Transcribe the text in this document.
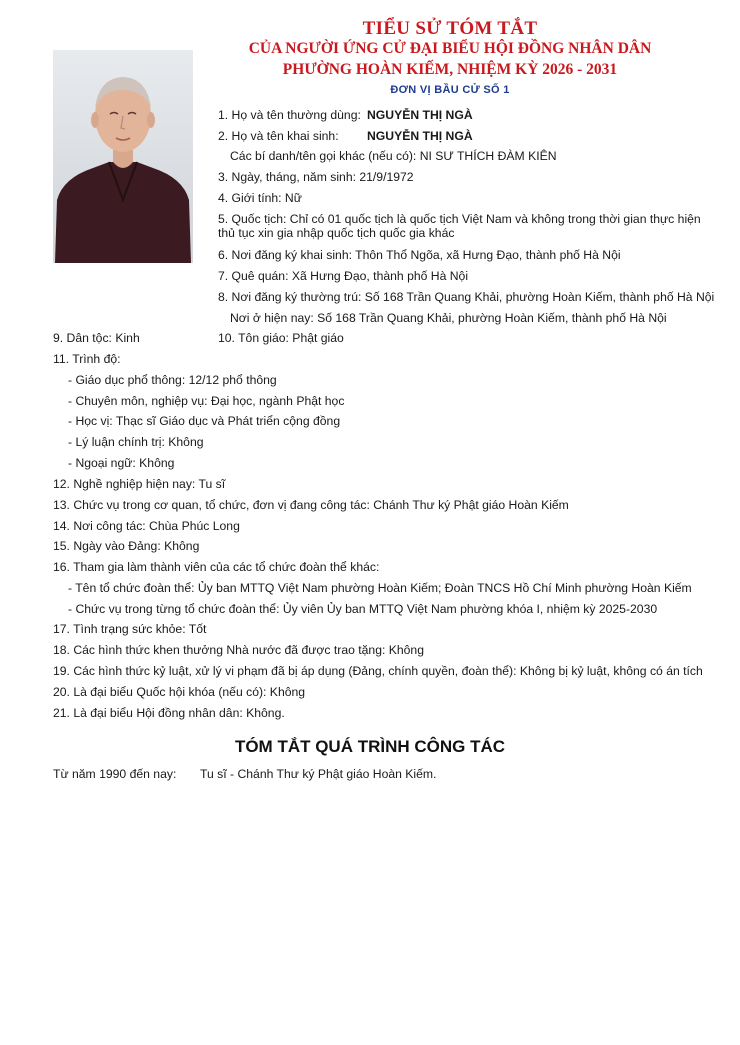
TIỂU SỬ TÓM TẮT
CỦA NGƯỜI ỨNG CỬ ĐẠI BIỂU HỘI ĐỒNG NHÂN DÂN
PHƯỜNG HOÀN KIẾM, NHIỆM KỲ 2026 - 2031
ĐƠN VỊ BẦU CỬ SỐ 1
1. Họ và tên thường dùng: NGUYỄN THỊ NGÀ
2. Họ và tên khai sinh: NGUYỄN THỊ NGÀ
Các bí danh/tên gọi khác (nếu có): NI SƯ THÍCH ĐÀM KIÊN
3. Ngày, tháng, năm sinh: 21/9/1972
4. Giới tính: Nữ
5. Quốc tịch: Chỉ có 01 quốc tịch là quốc tịch Việt Nam và không trong thời gian thực hiện
thủ tục xin gia nhập quốc tịch quốc gia khác
6. Nơi đăng ký khai sinh: Thôn Thổ Ngõa, xã Hưng Đạo, thành phố Hà Nội
7. Quê quán: Xã Hưng Đạo, thành phố Hà Nội
8. Nơi đăng ký thường trú: Số 168 Trần Quang Khải, phường Hoàn Kiếm, thành phố Hà Nội
Nơi ở hiện nay: Số 168 Trần Quang Khải, phường Hoàn Kiếm, thành phố Hà Nội
9. Dân tộc: Kinh	10. Tôn giáo: Phật giáo
11. Trình độ:
- Giáo dục phổ thông: 12/12 phổ thông
- Chuyên môn, nghiệp vụ: Đại học, ngành Phật học
- Học vị: Thạc sĩ Giáo dục và Phát triển cộng đồng
- Lý luận chính trị: Không
- Ngoại ngữ: Không
12. Nghề nghiệp hiện nay: Tu sĩ
13. Chức vụ trong cơ quan, tổ chức, đơn vị đang công tác: Chánh Thư ký Phật giáo Hoàn Kiếm
14. Nơi công tác: Chùa Phúc Long
15. Ngày vào Đảng: Không
16. Tham gia làm thành viên của các tổ chức đoàn thể khác:
- Tên tổ chức đoàn thể: Ủy ban MTTQ Việt Nam phường Hoàn Kiếm; Đoàn TNCS Hồ Chí Minh phường Hoàn Kiếm
- Chức vụ trong từng tổ chức đoàn thể: Ủy viên Ủy ban MTTQ Việt Nam phường khóa I, nhiệm kỳ 2025-2030
17. Tình trạng sức khỏe: Tốt
18. Các hình thức khen thưởng Nhà nước đã được trao tặng: Không
19. Các hình thức kỷ luật, xử lý vi phạm đã bị áp dụng (Đảng, chính quyền, đoàn thể): Không bị kỷ luật, không có án tích
20. Là đại biểu Quốc hội khóa (nếu có): Không
21. Là đại biểu Hội đồng nhân dân: Không.
TÓM TẮT QUÁ TRÌNH CÔNG TÁC
Từ năm 1990 đến nay: Tu sĩ - Chánh Thư ký Phật giáo Hoàn Kiếm.
